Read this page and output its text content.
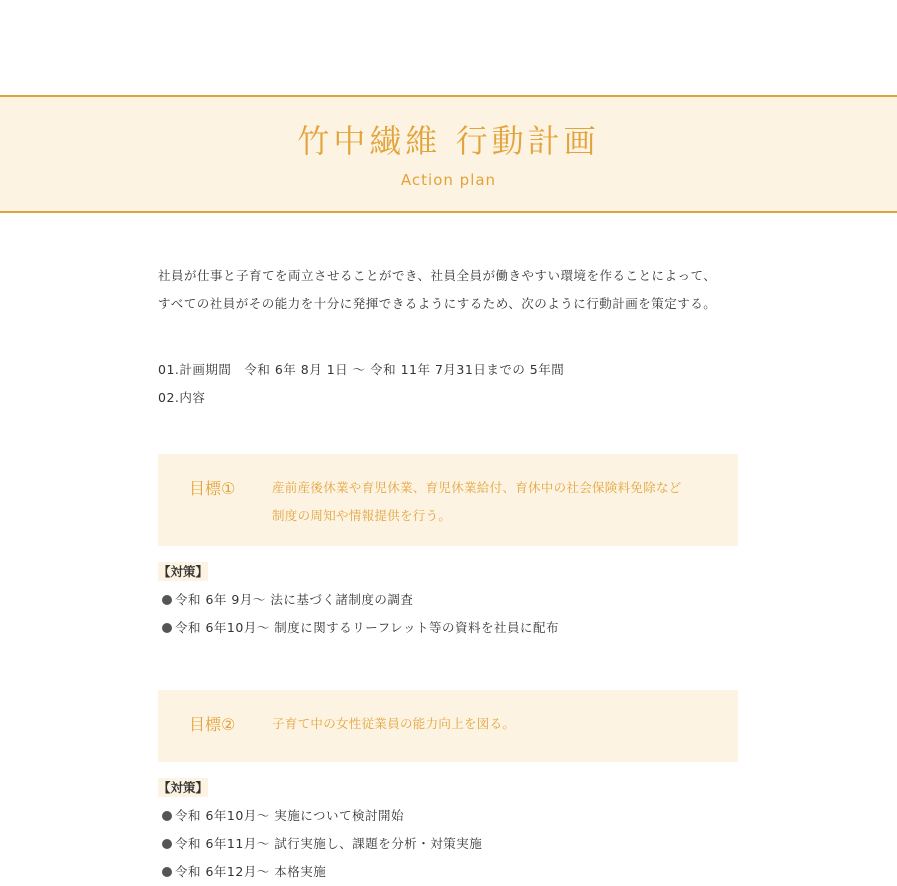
竹中繊維 行動計画
Action plan

社員が仕事と子育てを両立させることができ、社員全員が働きやすい環境を作ることによって、

すべての社員がその能力を十分に発揮できるようにするため、次のように行動計画を策定する。

01.計画期間　令和 6年 8月 1日 〜 令和 11年 7月31日までの 5年間

02.内容

目標①	産前産後休業や育児休業、育児休業給付、育休中の社会保険料免除など
制度の周知や情報提供を行う。
【対策】
令和 6年 9月〜 法に基づく諸制度の調査
令和 6年10月〜 制度に関するリーフレット等の資料を社員に配布
目標②	子育て中の女性従業員の能力向上を図る。
【対策】
令和 6年10月〜 実施について検討開始
令和 6年11月〜 試行実施し、課題を分析・対策実施
令和 6年12月〜 本格実施
